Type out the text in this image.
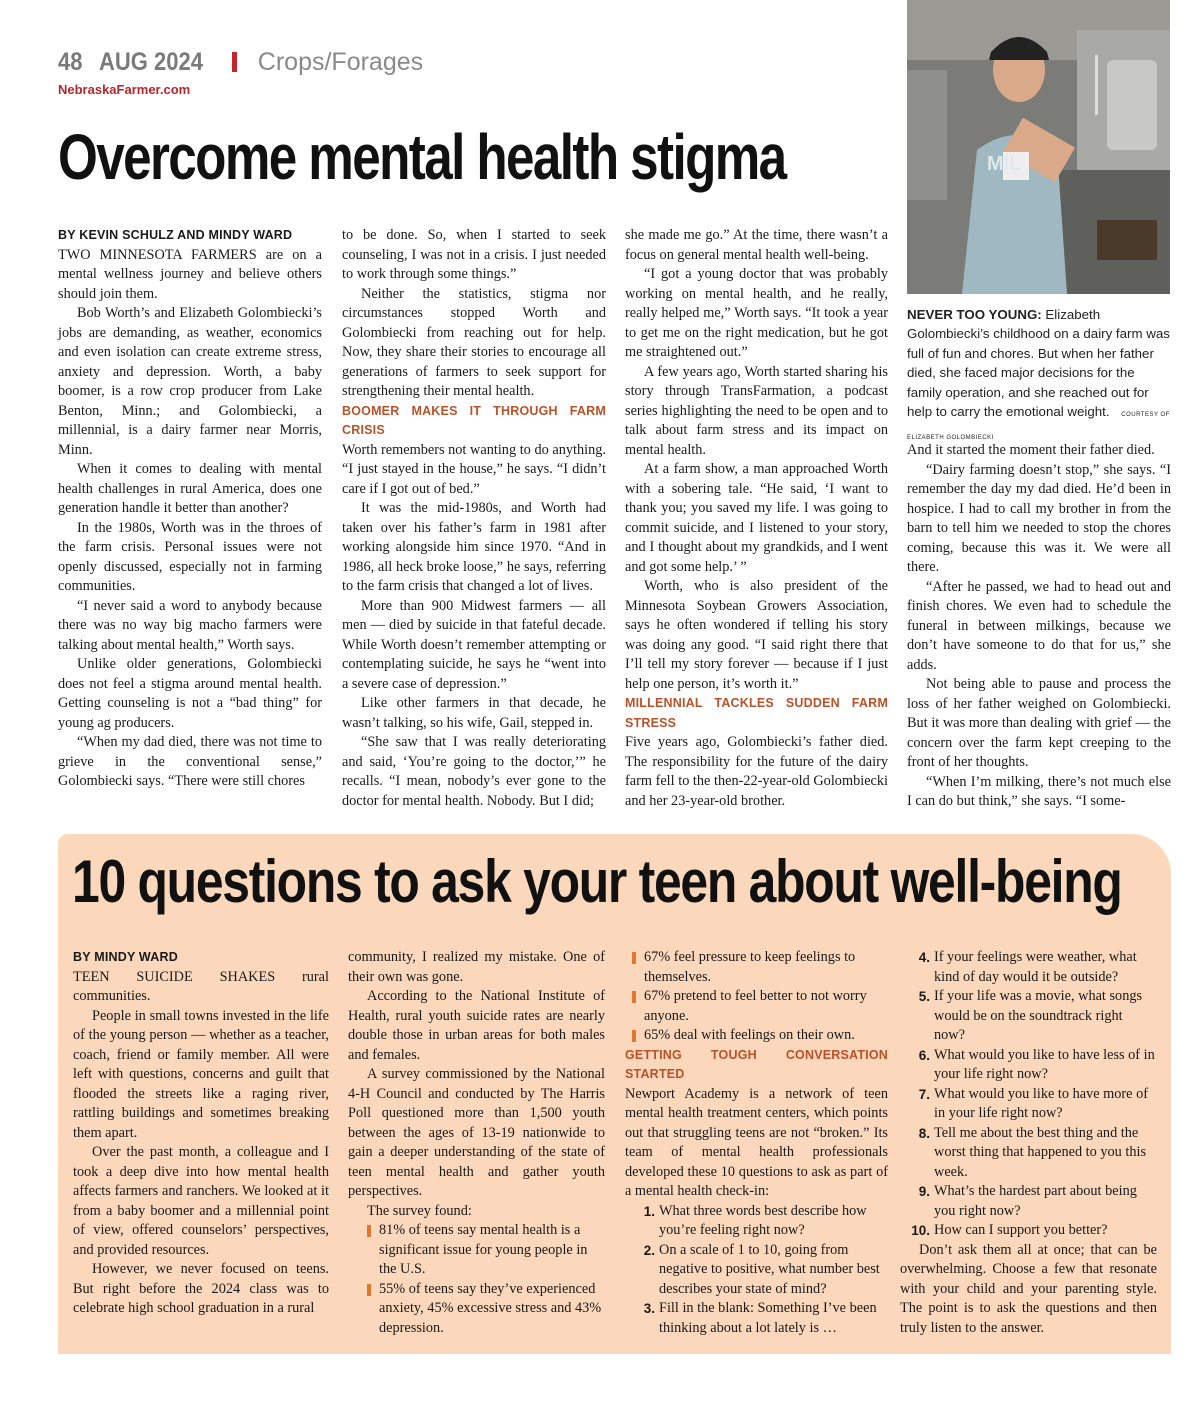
48 AUG 2024 Crops/Forages
NebraskaFarmer.com
Overcome mental health stigma	MIL
NEVER TOO YOUNG: Elizabeth Golombiecki’s childhood on a dairy farm was full of fun and chores. But when her father died, she faced major decisions for the family operation, and she reached out for help to carry the emotional weight. COURTESY OF ELIZABETH GOLOMBIECKI

BY KEVIN SCHULZ AND MINDY WARD

TWO MINNESOTA FARMERS are on a mental wellness journey and believe others should join them.

Bob Worth’s and Elizabeth Golombiecki’s jobs are demanding, as weather, economics and even isolation can create extreme stress, anxiety and depression. Worth, a baby boomer, is a row crop producer from Lake Benton, Minn.; and Golombiecki, a millennial, is a dairy farmer near Morris, Minn.

When it comes to dealing with mental health challenges in rural America, does one generation handle it better than another?

In the 1980s, Worth was in the throes of the farm crisis. Personal issues were not openly discussed, especially not in farming communities.

“I never said a word to anybody because there was no way big macho farmers were talking about mental health,” Worth says.

Unlike older generations, Golombiecki does not feel a stigma around mental health. Getting counseling is not a “bad thing” for young ag producers.

“When my dad died, there was not time to grieve in the conventional sense,” Golombiecki says. “There were still chores

to be done. So, when I started to seek counseling, I was not in a crisis. I just needed to work through some things.”

Neither the statistics, stigma nor circumstances stopped Worth and Golombiecki from reaching out for help. Now, they share their stories to encourage all generations of farmers to seek support for strengthening their mental health.

BOOMER MAKES IT THROUGH FARM CRISIS

Worth remembers not wanting to do anything. “I just stayed in the house,” he says. “I didn’t care if I got out of bed.”

It was the mid-1980s, and Worth had taken over his father’s farm in 1981 after working alongside him since 1970. “And in 1986, all heck broke loose,” he says, referring to the farm crisis that changed a lot of lives.

More than 900 Midwest farmers — all men — died by suicide in that fateful decade. While Worth doesn’t remember attempting or contemplating suicide, he says he “went into a severe case of depression.”

Like other farmers in that decade, he wasn’t talking, so his wife, Gail, stepped in.

“She saw that I was really deteriorating and said, ‘You’re going to the doctor,’” he recalls. “I mean, nobody’s ever gone to the doctor for mental health. Nobody. But I did;

she made me go.” At the time, there wasn’t a focus on general mental health well-being.

“I got a young doctor that was probably working on mental health, and he really, really helped me,” Worth says. “It took a year to get me on the right medication, but he got me straightened out.”

A few years ago, Worth started sharing his story through TransFarmation, a podcast series highlighting the need to be open and to talk about farm stress and its impact on mental health.

At a farm show, a man approached Worth with a sobering tale. “He said, ‘I want to thank you; you saved my life. I was going to commit suicide, and I listened to your story, and I thought about my grandkids, and I went and got some help.’ ”

Worth, who is also president of the Minnesota Soybean Growers Association, says he often wondered if telling his story was doing any good. “I said right there that I’ll tell my story forever — because if I just help one person, it’s worth it.”

MILLENNIAL TACKLES SUDDEN FARM STRESS

Five years ago, Golombiecki’s father died. The responsibility for the future of the dairy farm fell to the then-22-year-old Golombiecki and her 23-year-old brother.

And it started the moment their father died.

“Dairy farming doesn’t stop,” she says. “I remember the day my dad died. He’d been in hospice. I had to call my brother in from the barn to tell him we needed to stop the chores coming, because this was it. We were all there.

“After he passed, we had to head out and finish chores. We even had to schedule the funeral in between milkings, because we don’t have someone to do that for us,” she adds.

Not being able to pause and process the loss of her father weighed on Golombiecki. But it was more than dealing with grief — the concern over the farm kept creeping to the front of her thoughts.

“When I’m milking, there’s not much else I can do but think,” she says. “I some-

10 questions to ask your teen about well-being

BY MINDY WARD

TEEN SUICIDE SHAKES rural communities.

People in small towns invested in the life of the young person — whether as a teacher, coach, friend or family member. All were left with questions, concerns and guilt that flooded the streets like a raging river, rattling buildings and sometimes breaking them apart.

Over the past month, a colleague and I took a deep dive into how mental health affects farmers and ranchers. We looked at it from a baby boomer and a millennial point of view, offered counselors’ perspectives, and provided resources.

However, we never focused on teens. But right before the 2024 class was to celebrate high school graduation in a rural

community, I realized my mistake. One of their own was gone.

According to the National Institute of Health, rural youth suicide rates are nearly double those in urban areas for both males and females.

A survey commissioned by the National 4-H Council and conducted by The Harris Poll questioned more than 1,500 youth between the ages of 13-19 nationwide to gain a deeper understanding of the state of teen mental health and gather youth perspectives.

The survey found:

81% of teens say mental health is a significant issue for young people in the U.S.
55% of teens say they’ve experienced anxiety, 45% excessive stress and 43% depression.
67% feel pressure to keep feelings to themselves.
67% pretend to feel better to not worry anyone.
65% deal with feelings on their own.

GETTING TOUGH CONVERSATION STARTED

Newport Academy is a network of teen mental health treatment centers, which points out that struggling teens are not “broken.” Its team of mental health professionals developed these 10 questions to ask as part of a mental health check-in:

1. What three words best describe how you’re feeling right now?
2. On a scale of 1 to 10, going from negative to positive, what number best describes your state of mind?
3. Fill in the blank: Something I’ve been thinking about a lot lately is …
4. If your feelings were weather, what kind of day would it be outside?
5. If your life was a movie, what songs would be on the soundtrack right now?
6. What would you like to have less of in your life right now?
7. What would you like to have more of in your life right now?
8. Tell me about the best thing and the worst thing that happened to you this week.
9. What’s the hardest part about being you right now?
10. How can I support you better?

Don’t ask them all at once; that can be overwhelming. Choose a few that resonate with your child and your parenting style. The point is to ask the questions and then truly listen to the answer.
